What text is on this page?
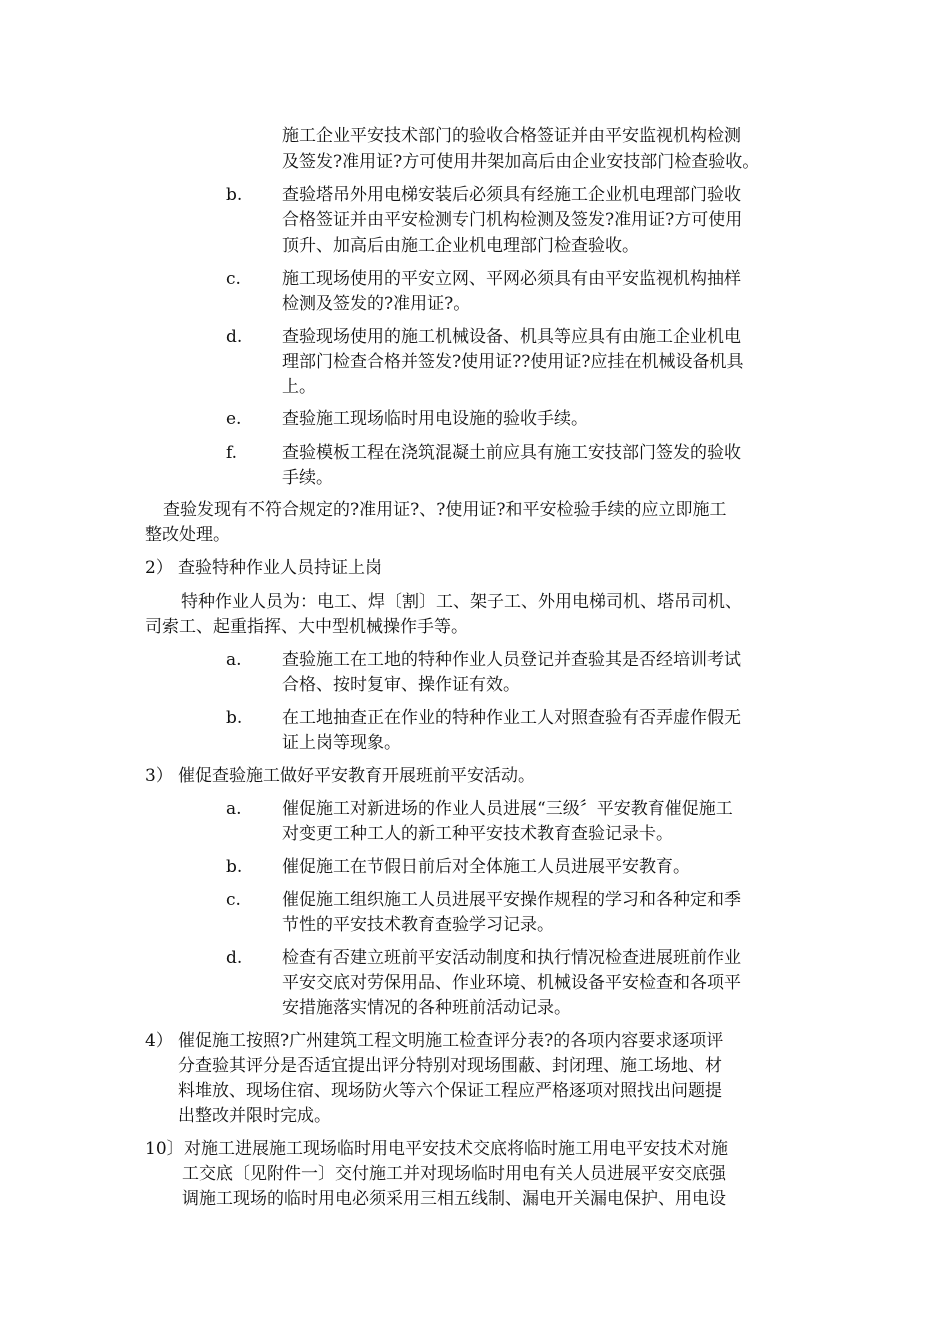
施工企业平安技术部门的验收合格签证并由平安监视机构检测
及签发?准用证?方可使用井架加高后由企业安技部门检查验收。
b. 查验塔吊外用电梯安装后必须具有经施工企业机电理部门验收
合格签证并由平安检测专门机构检测及签发?准用证?方可使用
顶升、加高后由施工企业机电理部门检查验收。
c. 施工现场使用的平安立网、平网必须具有由平安监视机构抽样
检测及签发的?准用证?。
d. 查验现场使用的施工机械设备、机具等应具有由施工企业机电
理部门检查合格并签发?使用证??使用证?应挂在机械设备机具
上。
e. 查验施工现场临时用电设施的验收手续。
f.	查验模板工程在浇筑混凝土前应具有施工安技部门签发的验收
手续。
查验发现有不符合规定的?准用证?、?使用证?和平安检验手续的应立即施工
整改处理。
2） 查验特种作业人员持证上岗
特种作业人员为：电工、焊〔割〕工、架子工、外用电梯司机、塔吊司机、
司索工、起重指挥、大中型机械操作手等。
a. 查验施工在工地的特种作业人员登记并查验其是否经培训考试
合格、按时复审、操作证有效。
b. 在工地抽查正在作业的特种作业工人对照查验有否弄虚作假无
证上岗等现象。
3） 催促查验施工做好平安教育开展班前平安活动。
a. 催促施工对新进场的作业人员进展“三级〞平安教育催促施工
对变更工种工人的新工种平安技术教育查验记录卡。
b. 催促施工在节假日前后对全体施工人员进展平安教育。
c. 催促施工组织施工人员进展平安操作规程的学习和各种定和季
节性的平安技术教育查验学习记录。
d. 检查有否建立班前平安活动制度和执行情况检查进展班前作业
平安交底对劳保用品、作业环境、机械设备平安检查和各项平
安措施落实情况的各种班前活动记录。
4） 催促施工按照?广州建筑工程文明施工检查评分表?的各项内容要求逐项评
分查验其评分是否适宜提出评分特别对现场围蔽、封闭理、施工场地、材
料堆放、现场住宿、现场防火等六个保证工程应严格逐项对照找出问题提
出整改并限时完成。
10〕 对施工进展施工现场临时用电平安技术交底将临时施工用电平安技术对施
工交底〔见附件一〕交付施工并对现场临时用电有关人员进展平安交底强
调施工现场的临时用电必须采用三相五线制、漏电开关漏电保护、用电设
